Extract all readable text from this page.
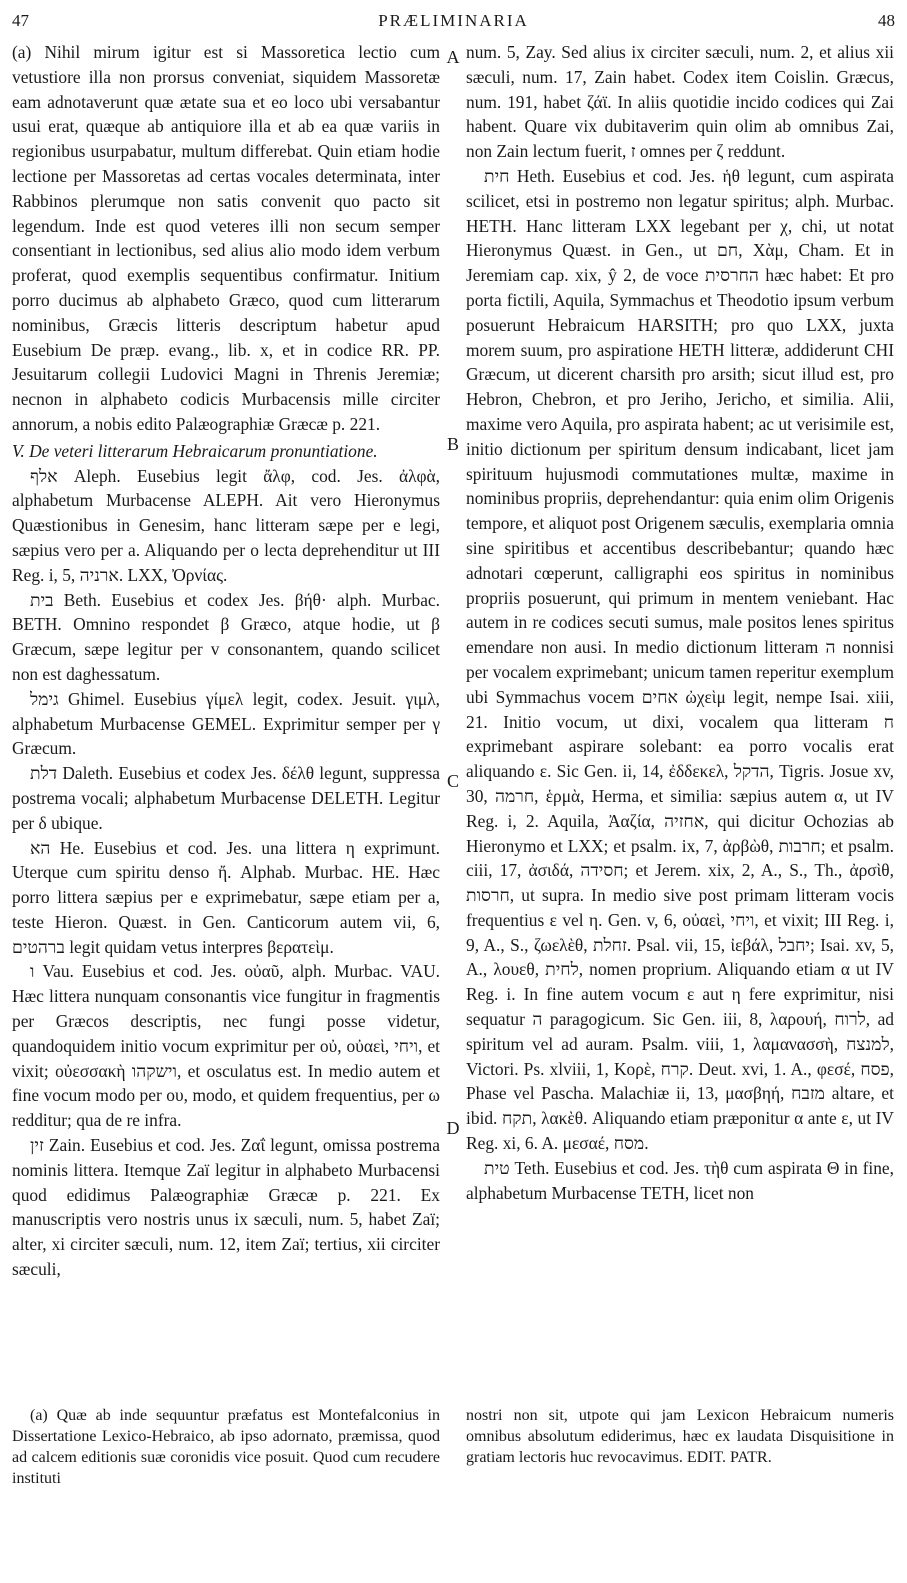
47	PRÆLIMINARIA	48

(a) Nihil mirum igitur est si Massoretica lectio cum vetustiore illa non prorsus conveniat, siquidem Massoretæ eam adnotaverunt quæ ætate sua et eo loco ubi versabantur usui erat, quæque ab antiquiore illa et ab ea quæ variis in regionibus usurpabatur, multum differebat. Quin etiam hodie lectione per Massoretas ad certas vocales determinata, inter Rabbinos plerumque non satis convenit quo pacto sit legendum. Inde est quod veteres illi non secum semper consentiant in lectionibus, sed alius alio modo idem verbum proferat, quod exemplis sequentibus confirmatur. Initium porro ducimus ab alphabeto Græco, quod cum litterarum nominibus, Græcis litteris descriptum habetur apud Eusebium De præp. evang., lib. x, et in codice RR. PP. Jesuitarum collegii Ludovici Magni in Threnis Jeremiæ; necnon in alphabeto codicis Murbacensis mille circiter annorum, a nobis edito Palæographiæ Græcæ p. 221.

V. De veteri litterarum Hebraicarum pronuntiatione.

אלף Aleph. Eusebius legit ἄλφ, cod. Jes. ἀλφὰ, alphabetum Murbacense ALEPH. Ait vero Hieronymus Quæstionibus in Genesim, hanc litteram sæpe per e legi, sæpius vero per a. Aliquando per o lecta deprehenditur ut III Reg. i, 5, ארניה. LXX, Ὀρνίας.

בית Beth. Eusebius et codex Jes. βήθ· alph. Murbac. BETH. Omnino respondet β Græco, atque hodie, ut β Græcum, sæpe legitur per v consonantem, quando scilicet non est daghessatum.

גימל Ghimel. Eusebius γίμελ legit, codex. Jesuit. γιμλ, alphabetum Murbacense GEMEL. Exprimitur semper per γ Græcum.

דלת Daleth. Eusebius et codex Jes. δέλθ legunt, suppressa postrema vocali; alphabetum Murbacense DELETH. Legitur per δ ubique.

הא He. Eusebius et cod. Jes. una littera η exprimunt. Uterque cum spiritu denso ἤ. Alphab. Murbac. HE. Hæc porro littera sæpius per e exprimebatur, sæpe etiam per a, teste Hieron. Quæst. in Gen. Canticorum autem vii, 6, ברהטים legit quidam vetus interpres βερατεὶμ.

ו Vau. Eusebius et cod. Jes. οὐαῦ, alph. Murbac. VAU. Hæc littera nunquam consonantis vice fungitur in fragmentis per Græcos descriptis, nec fungi posse videtur, quandoquidem initio vocum exprimitur per οὐ, οὐαεὶ, ויחי, et vixit; οὐεσσακὴ וישקהו, et osculatus est. In medio autem et fine vocum modo per ου, modo, et quidem frequentius, per ω redditur; qua de re infra.

זין Zain. Eusebius et cod. Jes. Ζαΐ legunt, omissa postrema nominis littera. Itemque Zaï legitur in alphabeto Murbacensi quod edidimus Palæographiæ Græcæ p. 221. Ex manuscriptis vero nostris unus ix sæculi, num. 5, habet Zaï; alter, xi circiter sæculi, num. 12, item Zaï; tertius, xii circiter sæculi,

A
B
C
D

num. 5, Zay. Sed alius ix circiter sæculi, num. 2, et alius xii sæculi, num. 17, Zain habet. Codex item Coislin. Græcus, num. 191, habet ζάϊ. In aliis quotidie incido codices qui Zai habent. Quare vix dubitaverim quin olim ab omnibus Zai, non Zain lectum fuerit, ז omnes per ζ reddunt.

חית Heth. Eusebius et cod. Jes. ἡθ legunt, cum aspirata scilicet, etsi in postremo non legatur spiritus; alph. Murbac. HETH. Hanc litteram LXX legebant per χ, chi, ut notat Hieronymus Quæst. in Gen., ut חם, Χὰμ, Cham. Et in Jeremiam cap. xix, ŷ 2, de voce החרסית hæc habet: Et pro porta fictili, Aquila, Symmachus et Theodotio ipsum verbum posuerunt Hebraicum HARSITH; pro quo LXX, juxta morem suum, pro aspiratione HETH litteræ, addiderunt CHI Græcum, ut dicerent charsith pro arsith; sicut illud est, pro Hebron, Chebron, et pro Jeriho, Jericho, et similia. Alii, maxime vero Aquila, pro aspirata habent; ac ut verisimile est, initio dictionum per spiritum densum indicabant, licet jam spirituum hujusmodi commutationes multæ, maxime in nominibus propriis, deprehendantur: quia enim olim Origenis tempore, et aliquot post Origenem sæculis, exemplaria omnia sine spiritibus et accentibus describebantur; quando hæc adnotari cœperunt, calligraphi eos spiritus in nominibus propriis posuerunt, qui primum in mentem veniebant. Hac autem in re codices secuti sumus, male positos lenes spiritus emendare non ausi. In medio dictionum litteram ה nonnisi per vocalem exprimebant; unicum tamen reperitur exemplum ubi Symmachus vocem אחים ὠχεὶμ legit, nempe Isai. xiii, 21. Initio vocum, ut dixi, vocalem qua litteram ח exprimebant aspirare solebant: ea porro vocalis erat aliquando ε. Sic Gen. ii, 14, ἐδδεκελ, הדקל, Tigris. Josue xv, 30, חרמה, ἑρμὰ, Herma, et similia: sæpius autem α, ut IV Reg. i, 2. Aquila, Ἀαζία, אחזיה, qui dicitur Ochozias ab Hieronymo et LXX; et psalm. ix, 7, ἀρβὼθ, חרבות; et psalm. ciii, 17, ἀσιδά, חסידה; et Jerem. xix, 2, A., S., Th., ἀρσὶθ, חרסות, ut supra. In medio sive post primam litteram vocis frequentius ε vel η. Gen. v, 6, οὐαεὶ, ויחי, et vixit; III Reg. i, 9, A., S., ζωελὲθ, זחלת. Psal. vii, 15, ἰεβάλ, יחבל; Isai. xv, 5, A., λουεθ, לחית, nomen proprium. Aliquando etiam α ut IV Reg. i. In fine autem vocum ε aut η fere exprimitur, nisi sequatur ה paragogicum. Sic Gen. iii, 8, λαρουή, לרוח, ad spiritum vel ad auram. Psalm. viii, 1, λαμανασσὴ, למנצח, Victori. Ps. xlviii, 1, Κορὲ, קרח. Deut. xvi, 1. A., φεσέ, פסח, Phase vel Pascha. Malachiæ ii, 13, μασβηή, מזבח altare, et ibid. תקח, λακὲθ. Aliquando etiam præponitur α ante ε, ut IV Reg. xi, 6. A. μεσαέ, מסח.

טית Teth. Eusebius et cod. Jes. τὴθ cum aspirata Θ in fine, alphabetum Murbacense TETH, licet non

(a) Quæ ab inde sequuntur præfatus est Montefalconius in Dissertatione Lexico-Hebraico, ab ipso adornato, præmissa, quod ad calcem editionis suæ coronidis vice posuit. Quod cum recudere instituti

nostri non sit, utpote qui jam Lexicon Hebraicum numeris omnibus absolutum ediderimus, hæc ex laudata Disquisitione in gratiam lectoris huc revocavimus. EDIT. PATR.
